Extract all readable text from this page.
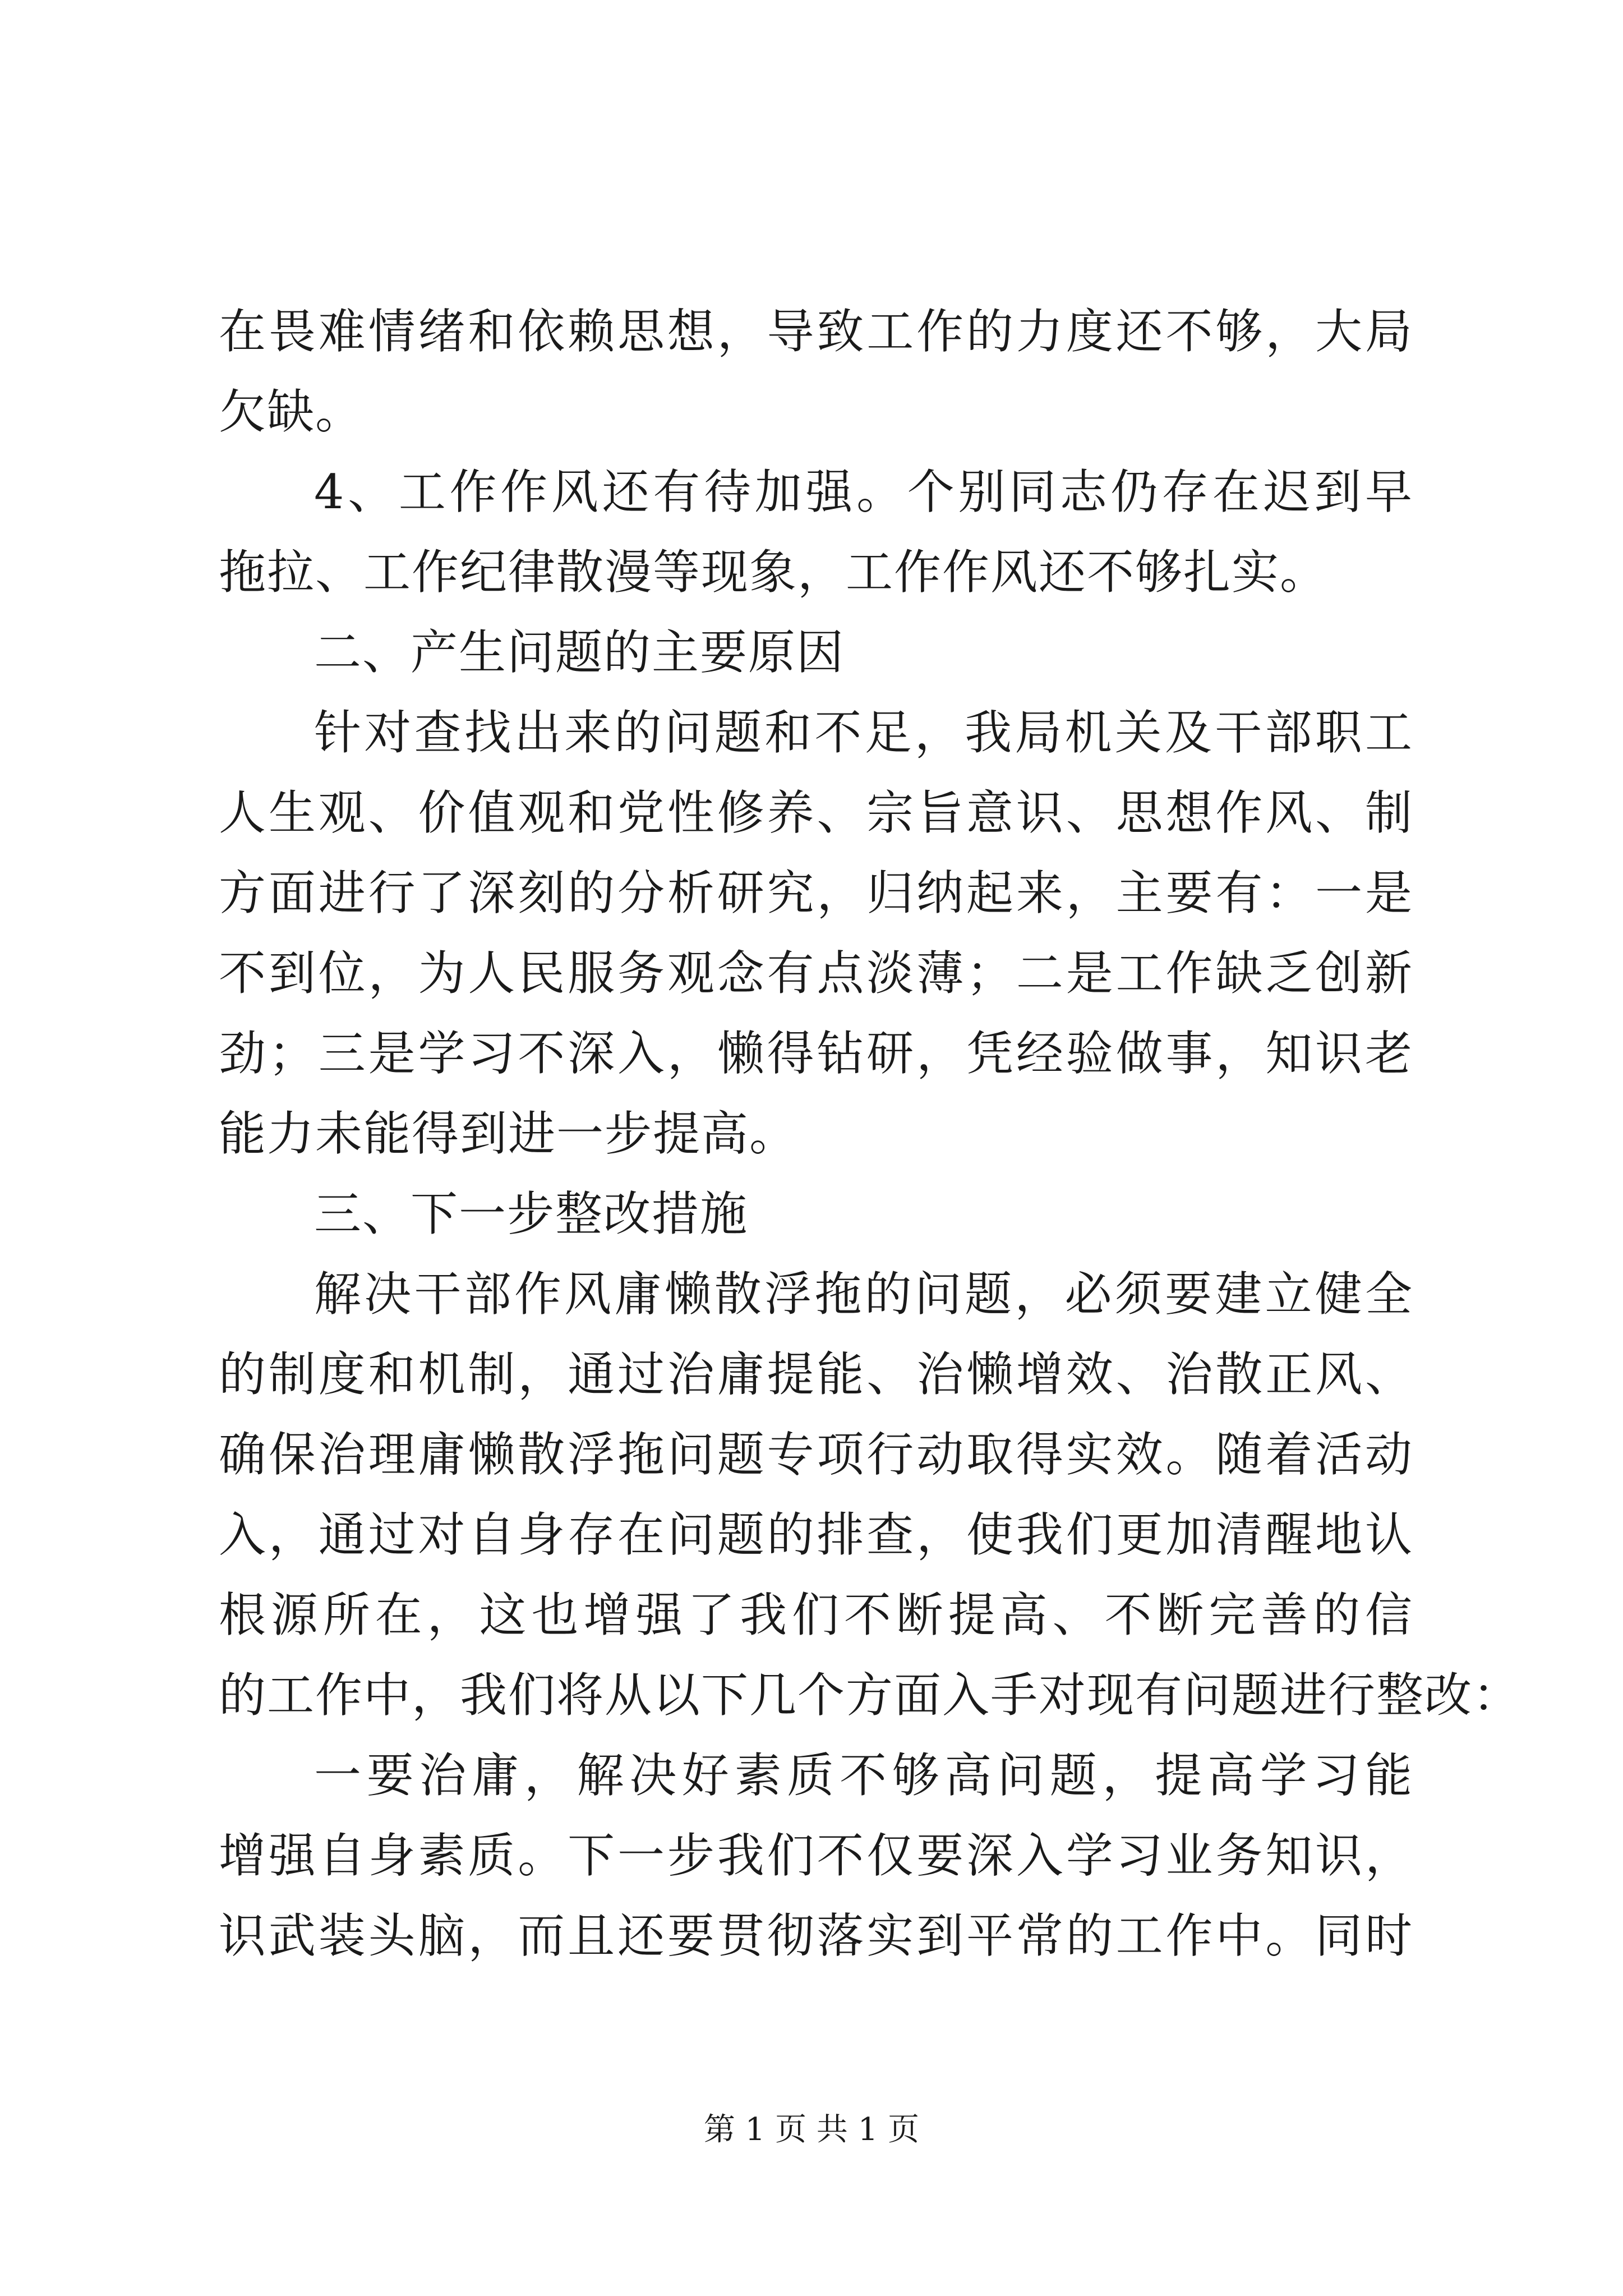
在畏难情绪和依赖思想，导致工作的力度还不够，大局
欠缺。
4、工作作风还有待加强。个别同志仍存在迟到早
拖拉、工作纪律散漫等现象，工作作风还不够扎实。
二、产生问题的主要原因
针对查找出来的问题和不足，我局机关及干部职工
人生观、价值观和党性修养、宗旨意识、思想作风、制
方面进行了深刻的分析研究，归纳起来，主要有：一是
不到位，为人民服务观念有点淡薄；二是工作缺乏创新
劲；三是学习不深入，懒得钻研，凭经验做事，知识老
能力未能得到进一步提高。
三、下一步整改措施
解决干部作风庸懒散浮拖的问题，必须要建立健全
的制度和机制，通过治庸提能、治懒增效、治散正风、
确保治理庸懒散浮拖问题专项行动取得实效。随着活动
入，通过对自身存在问题的排查，使我们更加清醒地认
根源所在，这也增强了我们不断提高、不断完善的信
的工作中，我们将从以下几个方面入手对现有问题进行整改：
一要治庸，解决好素质不够高问题，提高学习能
增强自身素质。下一步我们不仅要深入学习业务知识，
识武装头脑，而且还要贯彻落实到平常的工作中。同时
第 1 页 共 1 页
